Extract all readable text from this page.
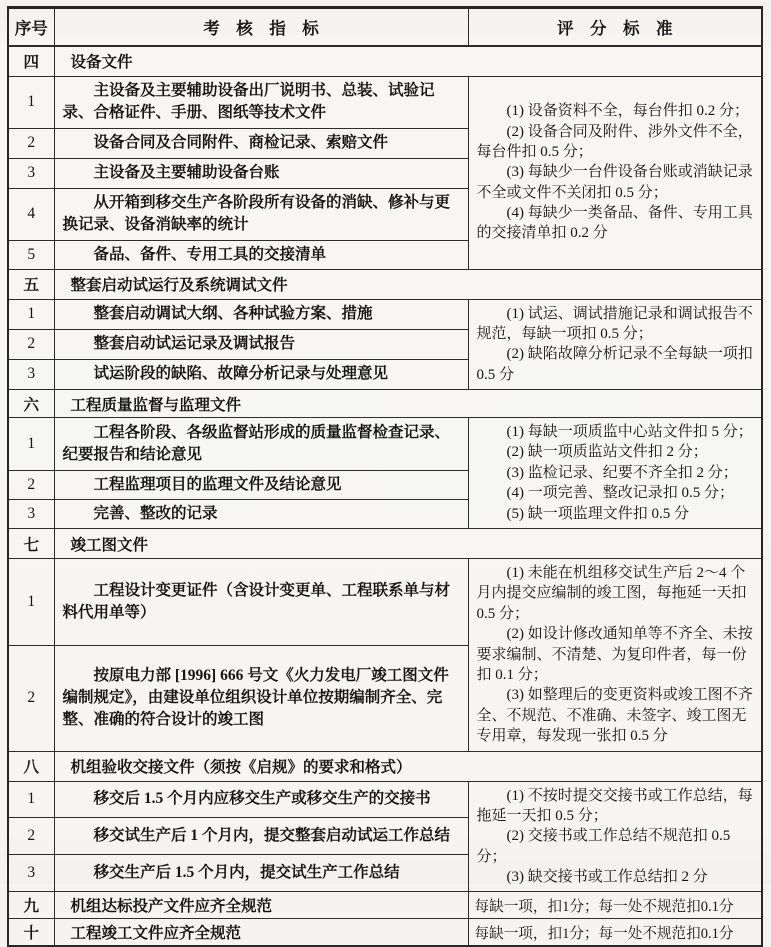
序号	考　核　指　标	评　分　标　准
四	设备文件	
1	主设备及主要辅助设备出厂说明书、总装、试验记录、合格证件、手册、图纸等技术文件	(1) 设备资料不全，每台件扣 0.2 分；

(2) 设备合同及附件、涉外文件不全，每台件扣 0.5 分；

(3) 每缺少一台件设备台账或消缺记录不全或文件不关闭扣 0.5 分；

(4) 每缺少一类备品、备件、专用工具的交接清单扣 0.2 分

2	设备合同及合同附件、商检记录、索赔文件	
3	主设备及主要辅助设备台账	
4	从开箱到移交生产各阶段所有设备的消缺、修补与更换记录、设备消缺率的统计	
5	备品、备件、专用工具的交接清单	
五	整套启动试运行及系统调试文件	
1	整套启动调试大纲、各种试验方案、措施	(1) 试运、调试措施记录和调试报告不规范，每缺一项扣 0.5 分；

(2) 缺陷故障分析记录不全每缺一项扣 0.5 分

2	整套启动试运记录及调试报告	
3	试运阶段的缺陷、故障分析记录与处理意见	
六	工程质量监督与监理文件	
1	工程各阶段、各级监督站形成的质量监督检查记录、纪要报告和结论意见	(1) 每缺一项质监中心站文件扣 5 分；

(2) 缺一项质监站文件扣 2 分；

(3) 监检记录、纪要不齐全扣 2 分；

(4) 一项完善、整改记录扣 0.5 分；

(5) 缺一项监理文件扣 0.5 分

2	工程监理项目的监理文件及结论意见	
3	完善、整改的记录	
七	竣工图文件	
1	工程设计变更证件（含设计变更单、工程联系单与材料代用单等）	(1) 未能在机组移交试生产后 2～4 个月内提交应编制的竣工图，每拖延一天扣 0.5 分；

(2) 如设计修改通知单等不齐全、未按要求编制、不清楚、为复印件者，每一份扣 0.1 分；

(3) 如整理后的变更资料或竣工图不齐全、不规范、不准确、未签字、竣工图无专用章，每发现一张扣 0.5 分

2	按原电力部 [1996] 666 号文《火力发电厂竣工图文件编制规定》，由建设单位组织设计单位按期编制齐全、完整、准确的符合设计的竣工图	
八	机组验收交接文件（须按《启规》的要求和格式）	
1	移交后 1.5 个月内应移交生产或移交生产的交接书	(1) 不按时提交交接书或工作总结，每拖延一天扣 0.5 分；

(2) 交接书或工作总结不规范扣 0.5 分；

(3) 缺交接书或工作总结扣 2 分

2	移交试生产后 1 个月内，提交整套启动试运工作总结	
3	移交生产后 1.5 个月内，提交试生产工作总结	
九	机组达标投产文件应齐全规范	每缺一项，扣1分；每一处不规范扣0.1分
十	工程竣工文件应齐全规范	每缺一项，扣1分；每一处不规范扣0.1分
